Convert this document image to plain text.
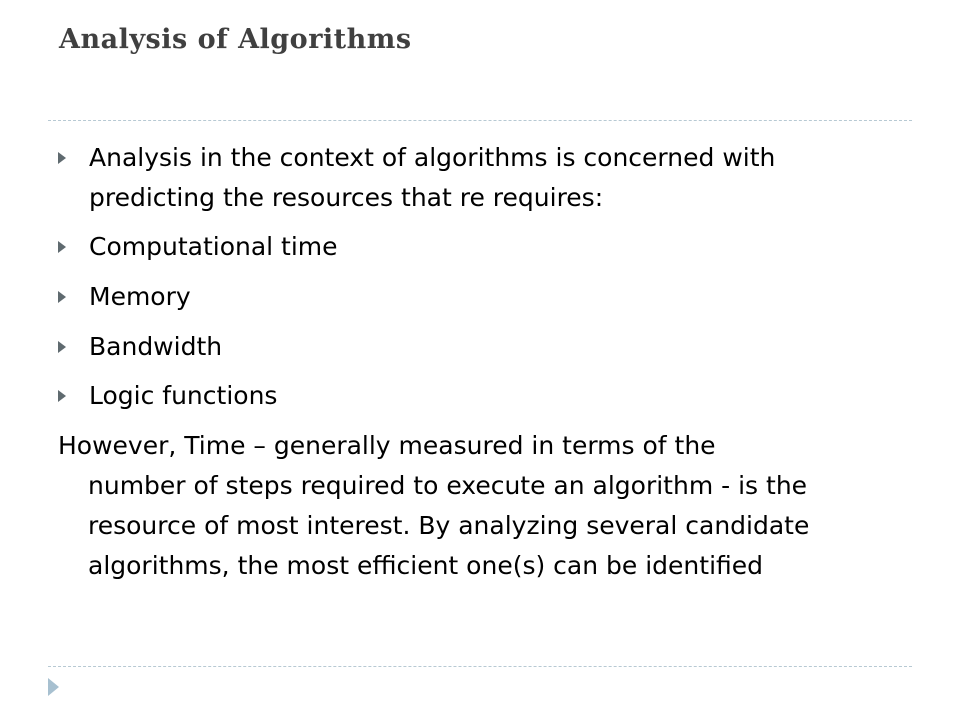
Analysis of Algorithms
Analysis in the context of algorithms is concerned with
predicting the resources that re requires:
Computational time
Memory
Bandwidth
Logic functions

However, Time – generally measured in terms of the
number of steps required to execute an algorithm - is the
resource of most interest. By analyzing several candidate
algorithms, the most efficient one(s) can be identified
